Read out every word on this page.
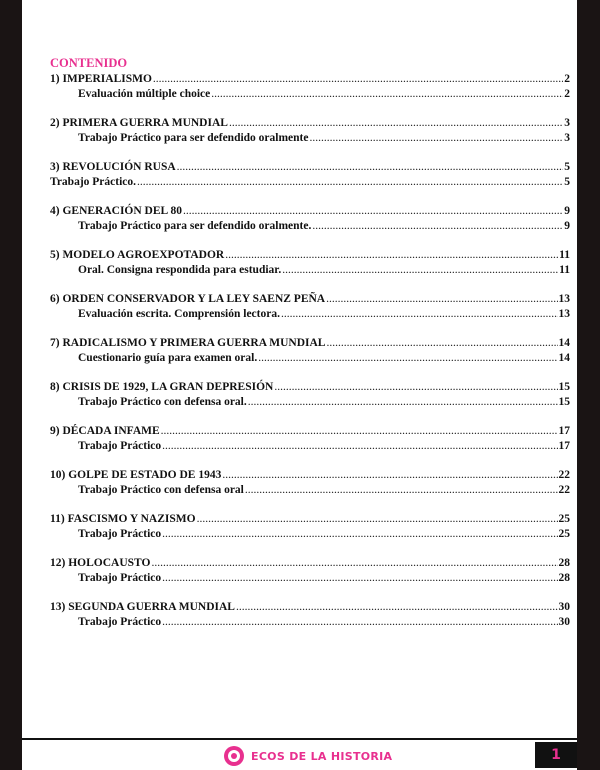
CONTENIDO
1) IMPERIALISMO .....	2
Evaluación múltiple choice .....	2
2) PRIMERA GUERRA MUNDIAL .....	3
Trabajo Práctico para ser defendido oralmente .....	3
3) REVOLUCIÓN RUSA .....	5
Trabajo Práctico. .....	5
4) GENERACIÓN DEL 80 .....	9
Trabajo Práctico para ser defendido oralmente. .....	9
5) MODELO AGROEXPOTADOR .....	11
Oral. Consigna respondida para estudiar. .....	11
6) ORDEN CONSERVADOR Y LA LEY SAENZ PEÑA .....	13
Evaluación escrita. Comprensión lectora. .....	13
7) RADICALISMO Y PRIMERA GUERRA MUNDIAL .....	14
Cuestionario guía para examen oral. .....	14
8) CRISIS DE 1929, LA GRAN DEPRESIÓN .....	15
Trabajo Práctico con defensa oral. .....	15
9) DÉCADA INFAME .....	17
Trabajo Práctico .....	17
10) GOLPE DE ESTADO DE 1943 .....	22
Trabajo Práctico con defensa oral .....	22
11) FASCISMO Y NAZISMO .....	25
Trabajo Práctico .....	25
12) HOLOCAUSTO .....	28
Trabajo Práctico .....	28
13) SEGUNDA GUERRA MUNDIAL .....	30
Trabajo Práctico .....	30
ECOS DE LA HISTORIA	1
